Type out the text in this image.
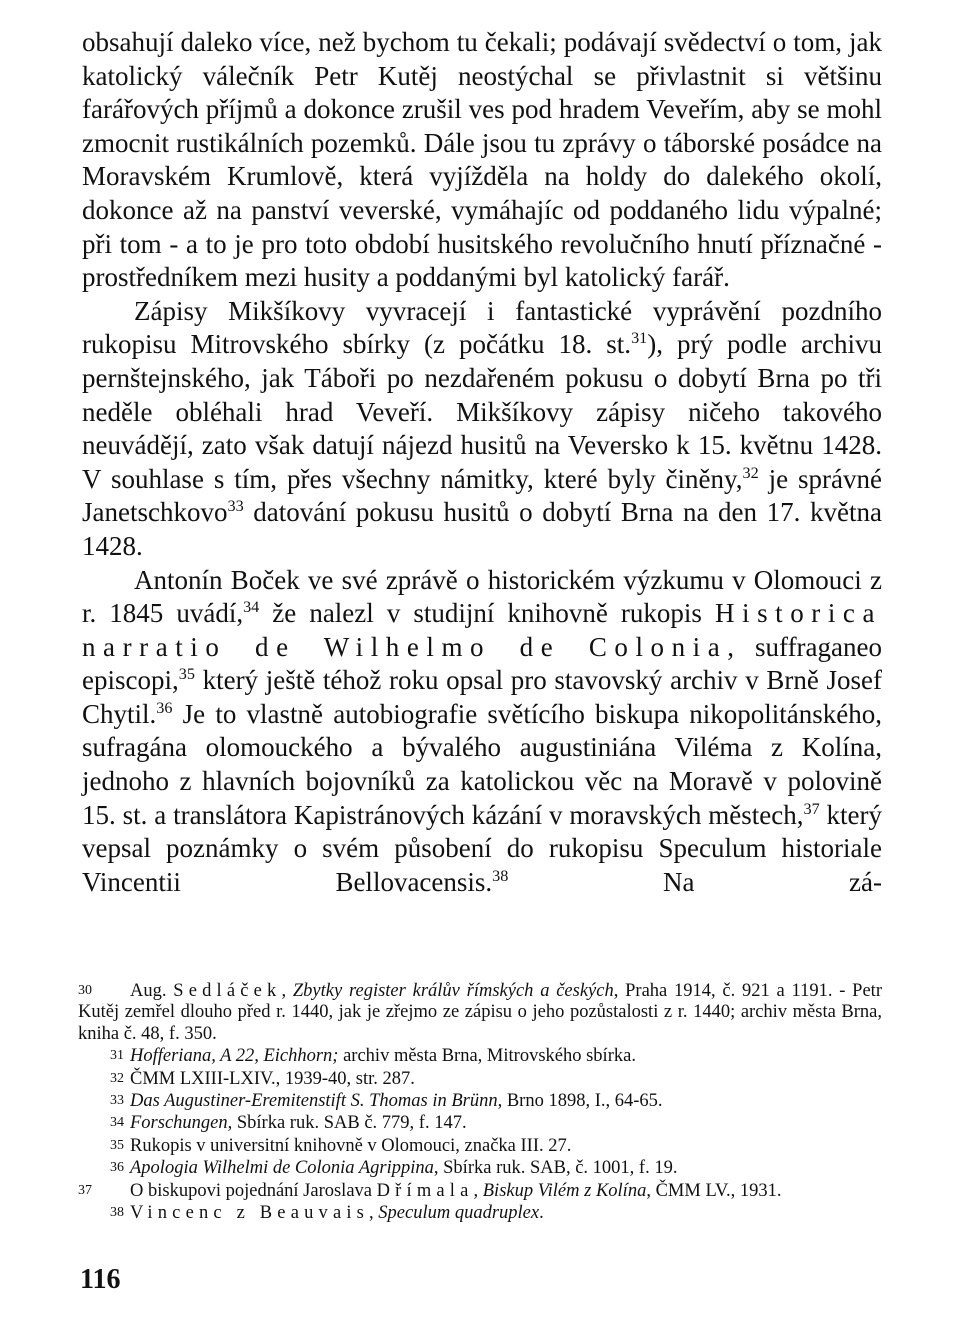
obsahují daleko více, než bychom tu čekali; podávají svědectví o tom, jak katolický válečník Petr Kutěj neostýchal se přivlastnit si většinu farářových příjmů a dokonce zrušil ves pod hradem Veveřím, aby se mohl zmocnit rustikálních pozemků. Dále jsou tu zprávy o táborské posádce na Moravském Krumlově, která vyjížděla na holdy do dalekého okolí, dokonce až na panství veverské, vymáhajíc od poddaného lidu výpalné; při tom - a to je pro toto období husitského revolučního hnutí příznačné - prostředníkem mezi husity a poddanými byl katolický farář.

Zápisy Mikšíkovy vyvracejí i fantastické vyprávění pozdního rukopisu Mitrovského sbírky (z počátku 18. st.$^{31}$), prý podle archivu pernštejnského, jak Táboři po nezdařeném pokusu o dobytí Brna po tři neděle obléhali hrad Veveří. Mikšíkovy zápisy ničeho takového neuvádějí, zato však datují nájezd husitů na Veversko k 15. květnu 1428. V souhlase s tím, přes všechny námitky, které byly činěny,$^{32}$ je správné Janetschkovo$^{33}$ datování pokusu husitů o dobytí Brna na den 17. května 1428.

Antonín Boček ve své zprávě o historickém výzkumu v Olomouci z r. 1845 uvádí,$^{34}$ že nalezl v studijní knihovně rukopis Historica narratio de Wilhelmo de Colonia, suffraganeo episcopi,$^{35}$ který ještě téhož roku opsal pro stavovský archiv v Brně Josef Chytil.$^{36}$ Je to vlastně autobiografie světícího biskupa nikopolitánského, sufragána olomouckého a bývalého augustiniána Viléma z Kolína, jednoho z hlavních bojovníků za katolickou věc na Moravě v polovině 15. st. a translátora Kapistránových kázání v moravských městech,$^{37}$ který vepsal poznámky o svém působení do rukopisu Speculum historiale Vincentii Bellovacensis.$^{38}$ Na zá-

30 Aug. Sedláček, Zbytky register králův římských a českých, Praha 1914, č. 921 a 1191. - Petr Kutěj zemřel dlouho před r. 1440, jak je zřejmo ze zápisu o jeho pozůstalosti z r. 1440; archiv města Brna, kniha č. 48, f. 350.

31 Hofferiana, A 22, Eichhorn; archiv města Brna, Mitrovského sbírka.

32 ČMM LXIII-LXIV., 1939-40, str. 287.

33 Das Augustiner-Eremitenstift S. Thomas in Brünn, Brno 1898, I., 64-65.

34 Forschungen, Sbírka ruk. SAB č. 779, f. 147.

35 Rukopis v universitní knihovně v Olomouci, značka III. 27.

36 Apologia Wilhelmi de Colonia Agrippina, Sbírka ruk. SAB, č. 1001, f. 19.

37 O biskupovi pojednání Jaroslava Dřímala, Biskup Vilém z Kolína, ČMM LV., 1931.

38 Vincenc z Beauvais, Speculum quadruplex.

116
